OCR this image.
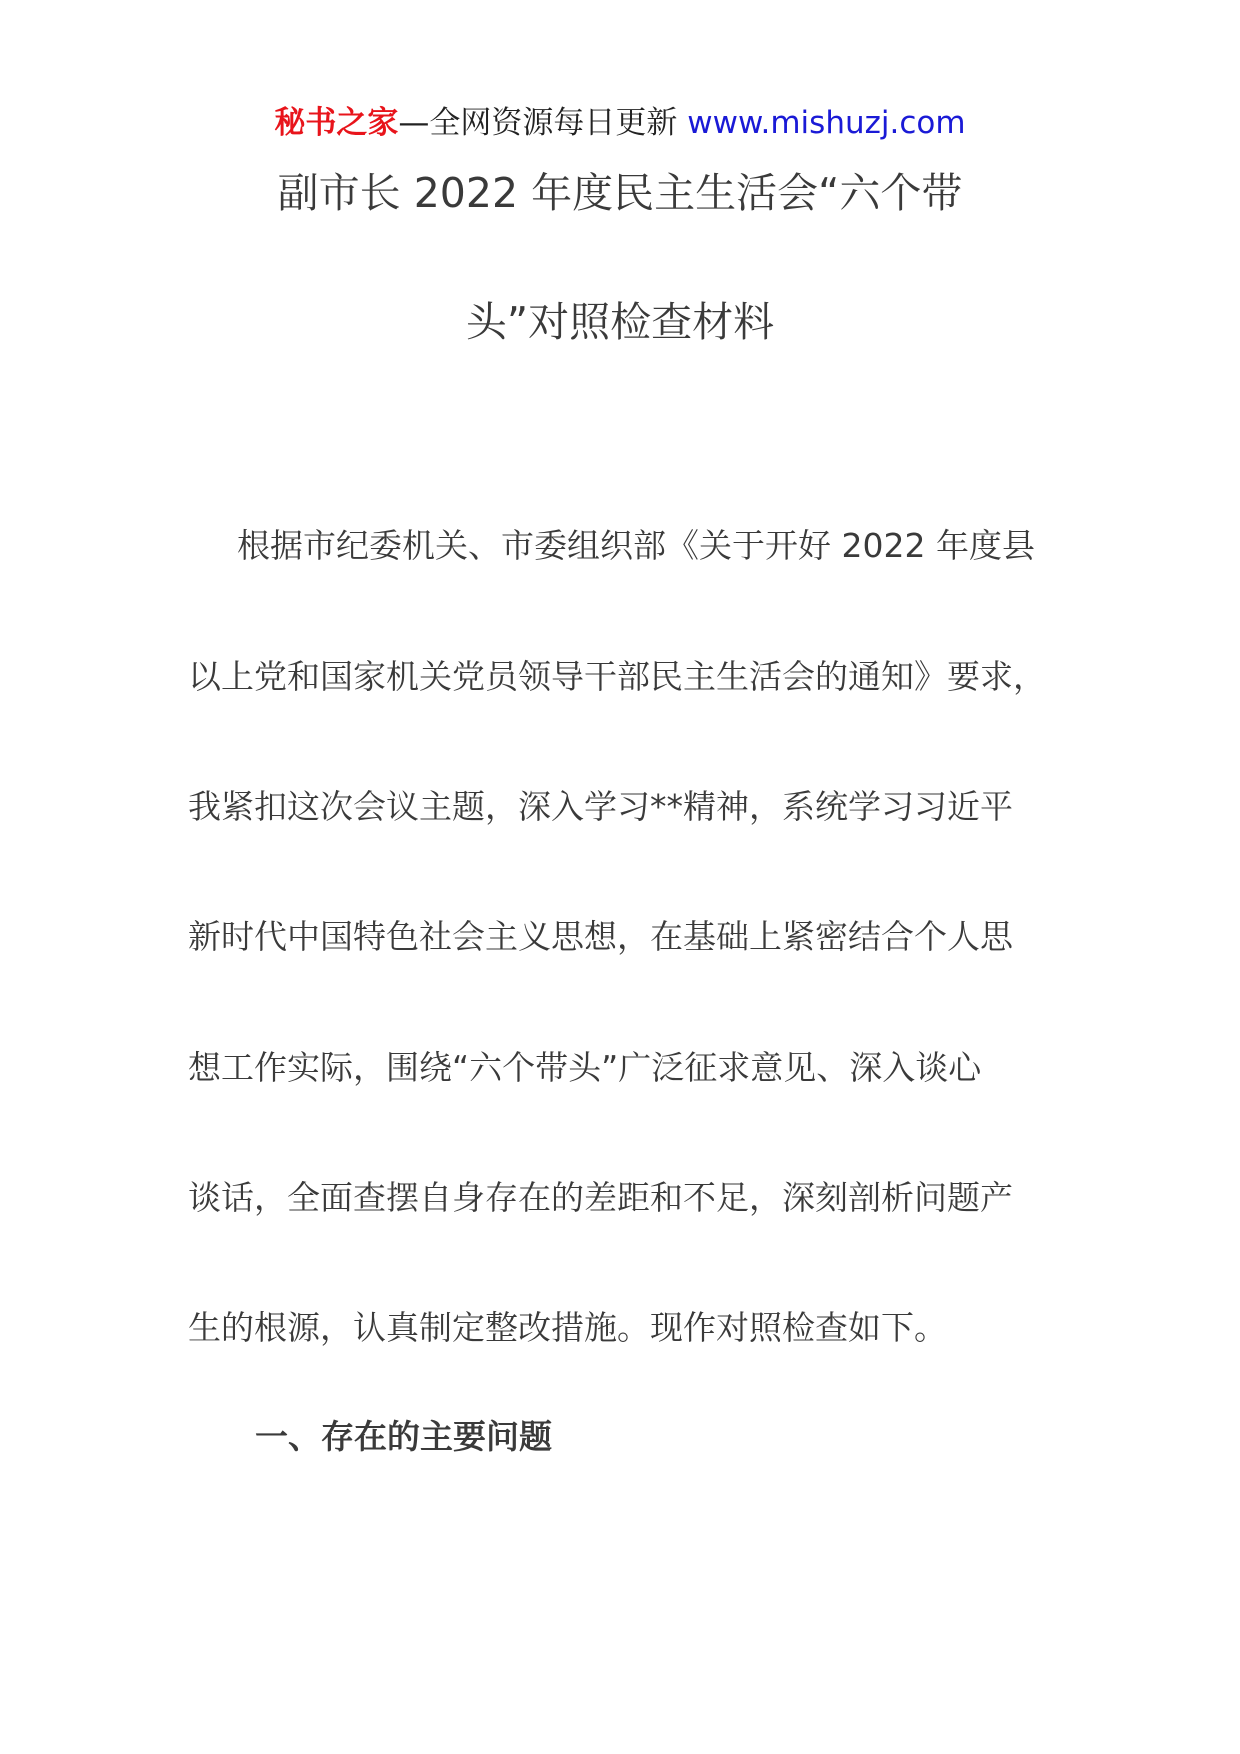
秘书之家—全网资源每日更新 www.mishuzj.com
副市长 2022 年度民主生活会“六个带
头”对照检查材料
根据市纪委机关、市委组织部《关于开好 2022 年度县
以上党和国家机关党员领导干部民主生活会的通知》要求，
我紧扣这次会议主题，深入学习**精神，系统学习习近平
新时代中国特色社会主义思想，在基础上紧密结合个人思
想工作实际，围绕“六个带头”广泛征求意见、深入谈心
谈话，全面查摆自身存在的差距和不足，深刻剖析问题产
生的根源，认真制定整改措施。现作对照检查如下。
一、存在的主要问题
